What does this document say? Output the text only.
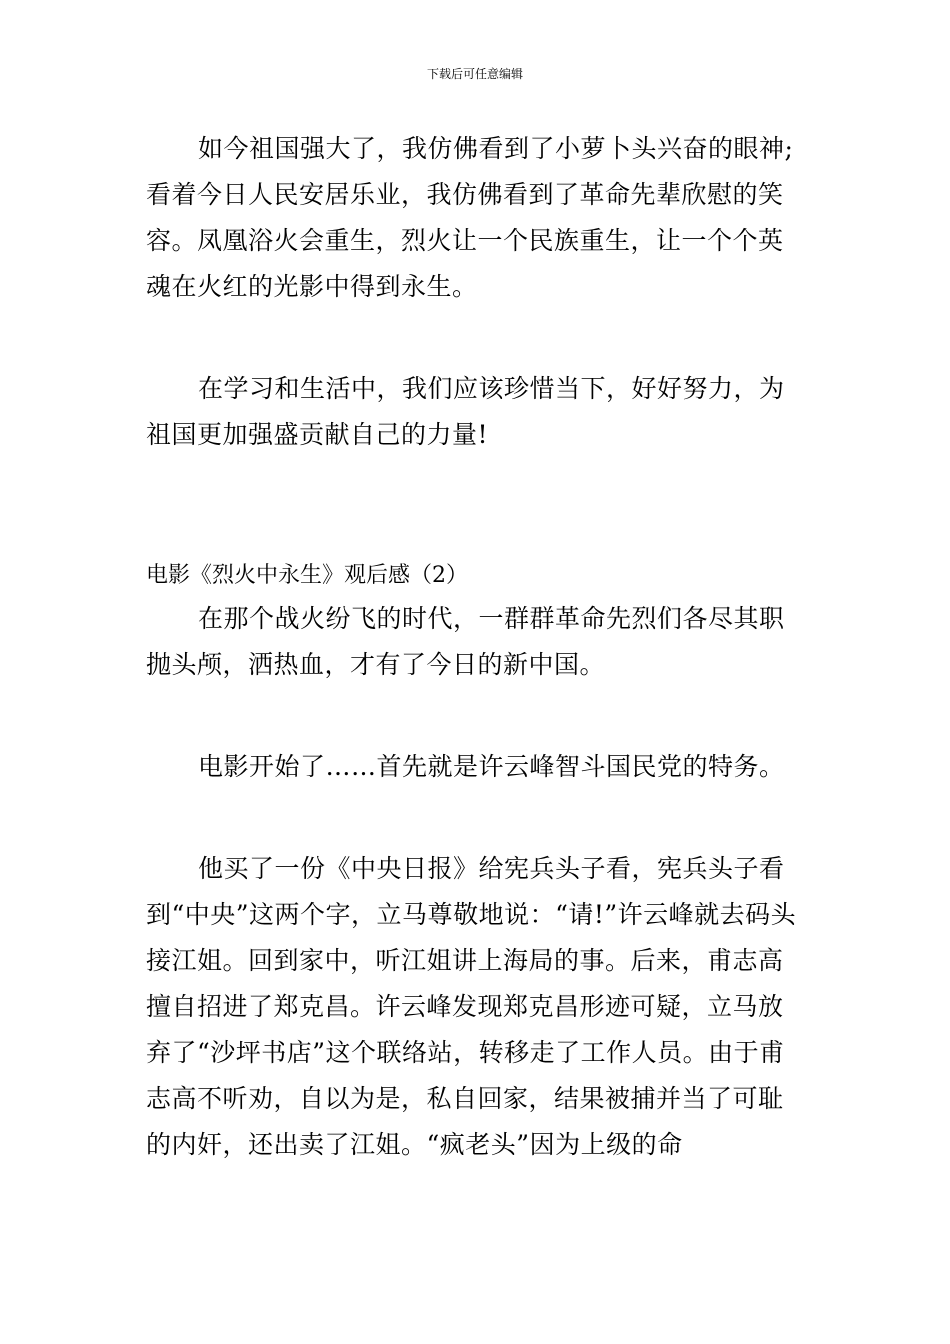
下载后可任意编辑

如今祖国强大了，我仿佛看到了小萝卜头兴奋的眼神;看着今日人民安居乐业，我仿佛看到了革命先辈欣慰的笑容。凤凰浴火会重生，烈火让一个民族重生，让一个个英魂在火红的光影中得到永生。

在学习和生活中，我们应该珍惜当下，好好努力，为祖国更加强盛贡献自己的力量!

电影《烈火中永生》观后感（2）

在那个战火纷飞的时代，一群群革命先烈们各尽其职抛头颅，洒热血，才有了今日的新中国。

电影开始了……首先就是许云峰智斗国民党的特务。

他买了一份《中央日报》给宪兵头子看，宪兵头子看到“中央”这两个字，立马尊敬地说：“请!”许云峰就去码头接江姐。回到家中，听江姐讲上海局的事。后来，甫志高擅自招进了郑克昌。许云峰发现郑克昌形迹可疑，立马放弃了“沙坪书店”这个联络站，转移走了工作人员。由于甫志高不听劝，自以为是，私自回家，结果被捕并当了可耻的内奸，还出卖了江姐。“疯老头”因为上级的命
